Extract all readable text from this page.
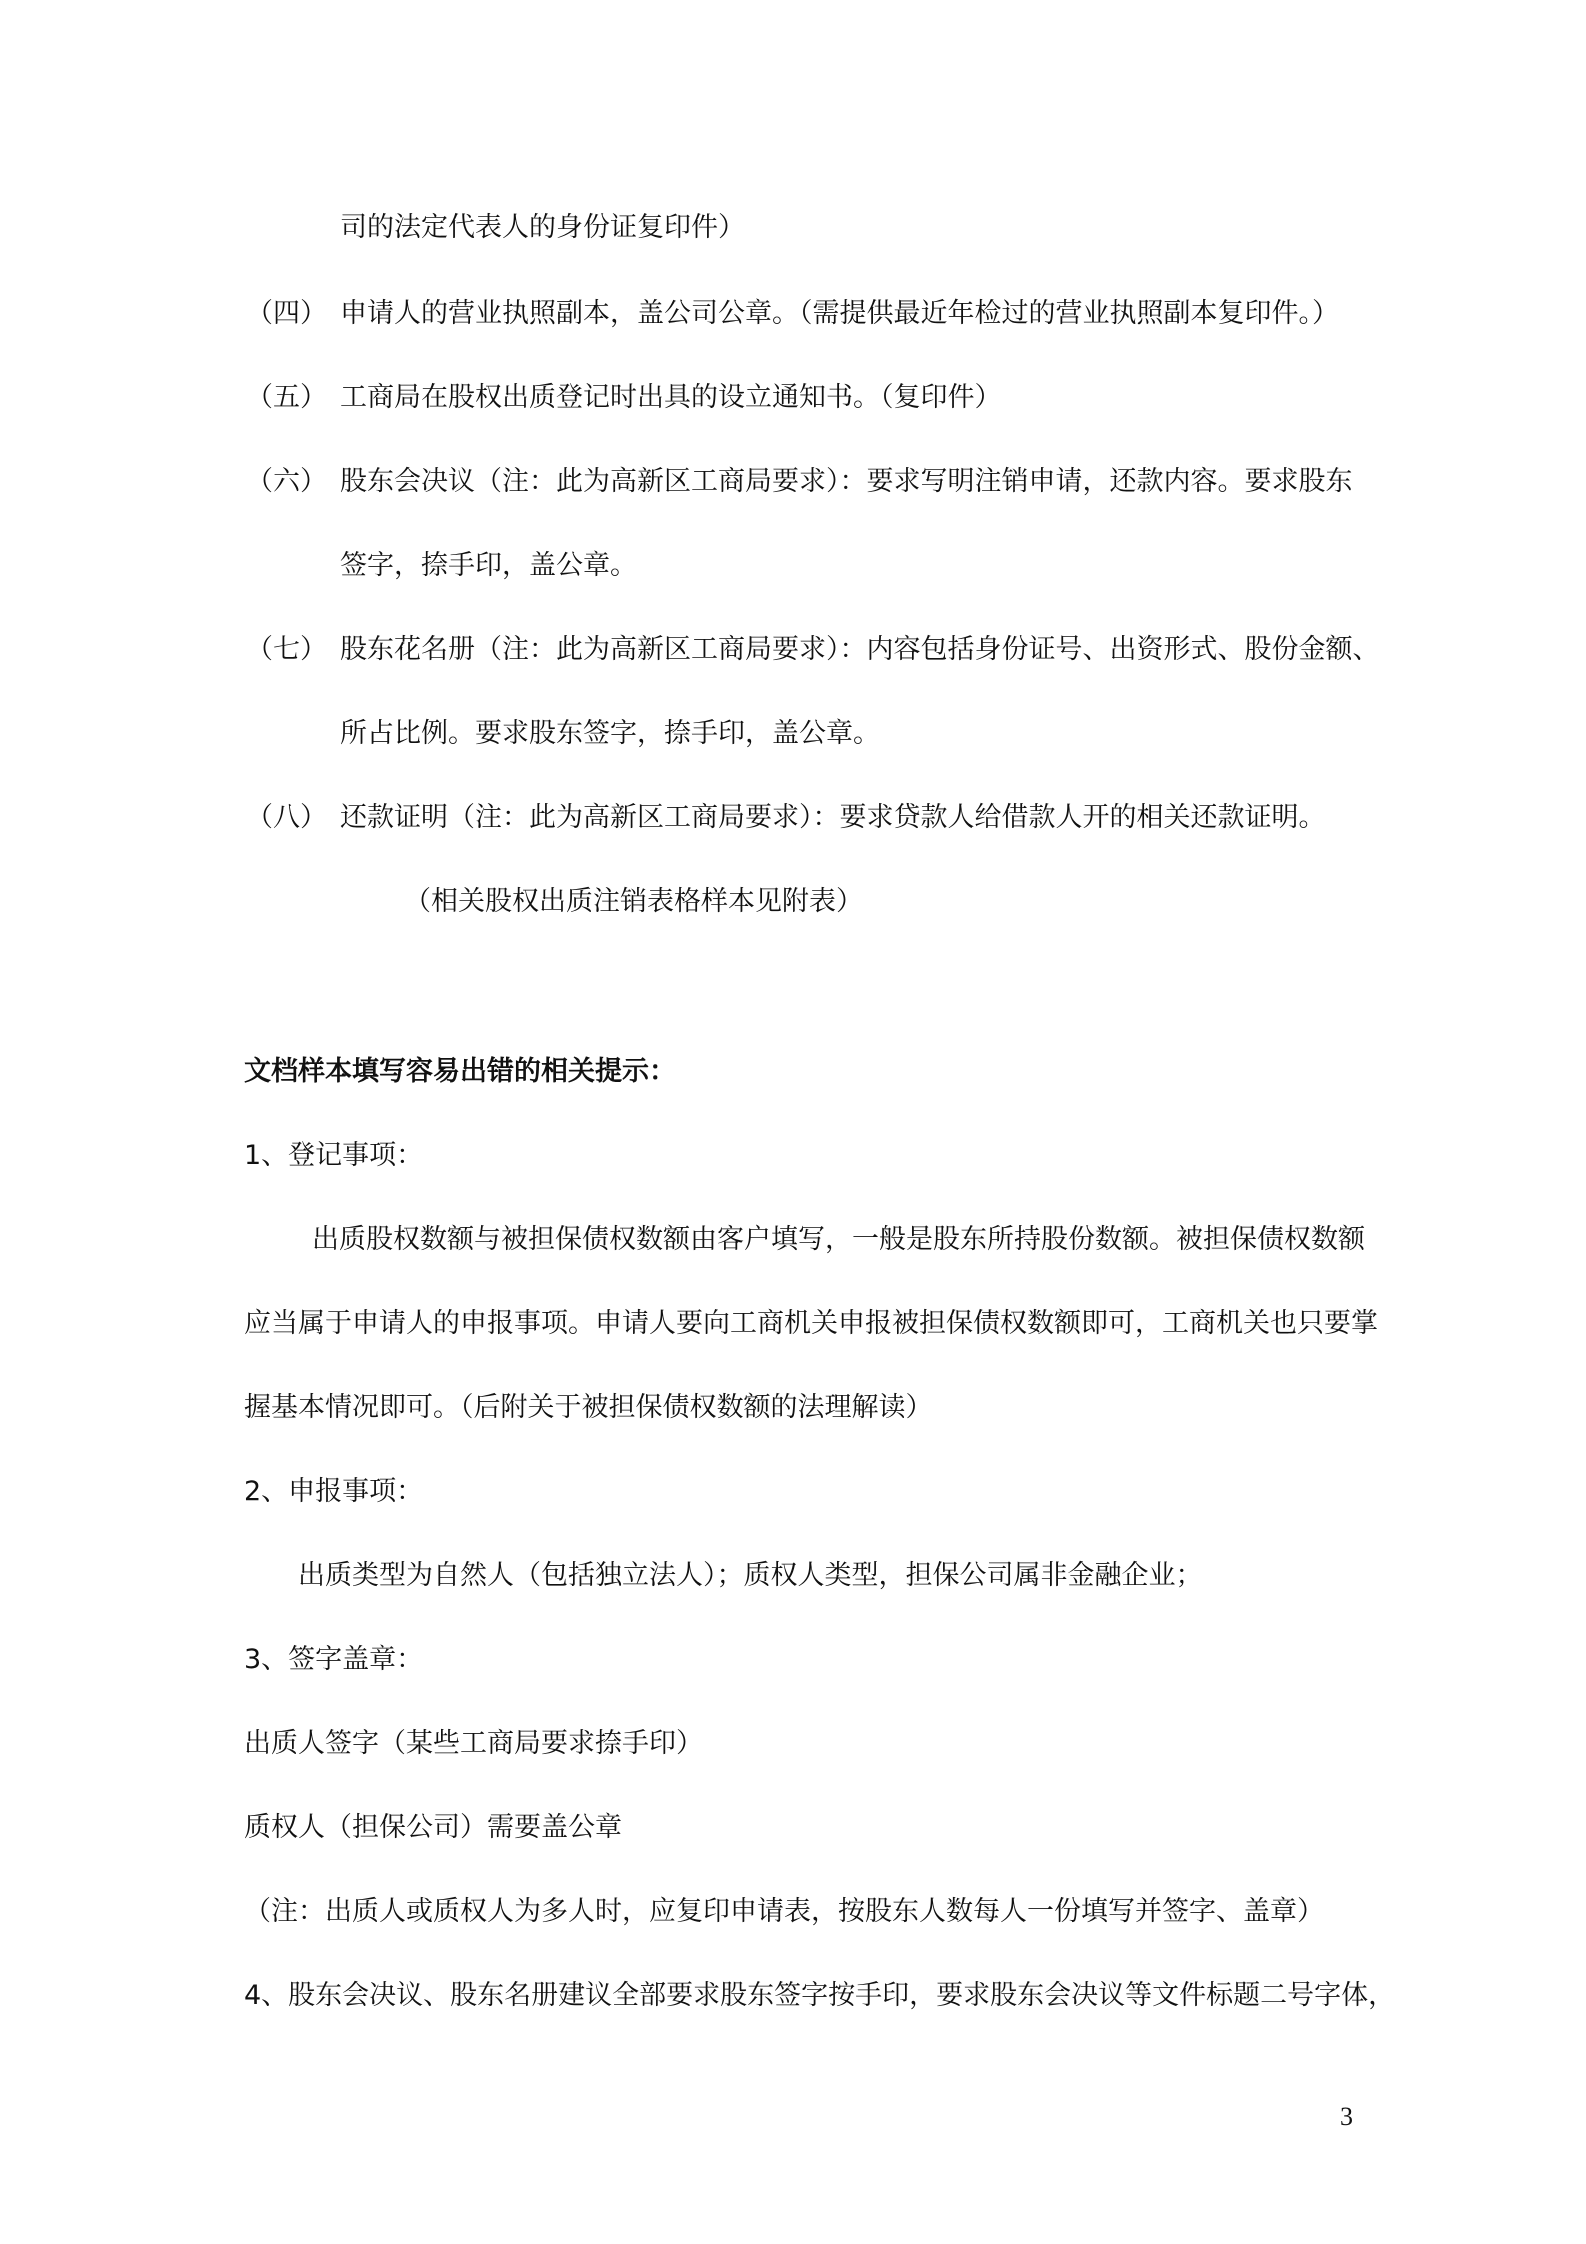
司的法定代表人的身份证复印件）
（四） 申请人的营业执照副本，盖公司公章。（需提供最近年检过的营业执照副本复印件。）
（五） 工商局在股权出质登记时出具的设立通知书。（复印件）
（六） 股东会决议（注：此为高新区工商局要求）：要求写明注销申请，还款内容。要求股东
签字，捺手印，盖公章。
（七） 股东花名册（注：此为高新区工商局要求）：内容包括身份证号、出资形式、股份金额、
所占比例。要求股东签字，捺手印，盖公章。
（八） 还款证明（注：此为高新区工商局要求）：要求贷款人给借款人开的相关还款证明。
（相关股权出质注销表格样本见附表）
文档样本填写容易出错的相关提示：
1、登记事项：
出质股权数额与被担保债权数额由客户填写，一般是股东所持股份数额。被担保债权数额
应当属于申请人的申报事项。申请人要向工商机关申报被担保债权数额即可，工商机关也只要掌
握基本情况即可。（后附关于被担保债权数额的法理解读）
2、申报事项：
出质类型为自然人（包括独立法人）；质权人类型，担保公司属非金融企业；
3、签字盖章：
出质人签字（某些工商局要求捺手印）
质权人（担保公司）需要盖公章
（注：出质人或质权人为多人时，应复印申请表，按股东人数每人一份填写并签字、盖章）
4、股东会决议、股东名册建议全部要求股东签字按手印，要求股东会决议等文件标题二号字体，
3
